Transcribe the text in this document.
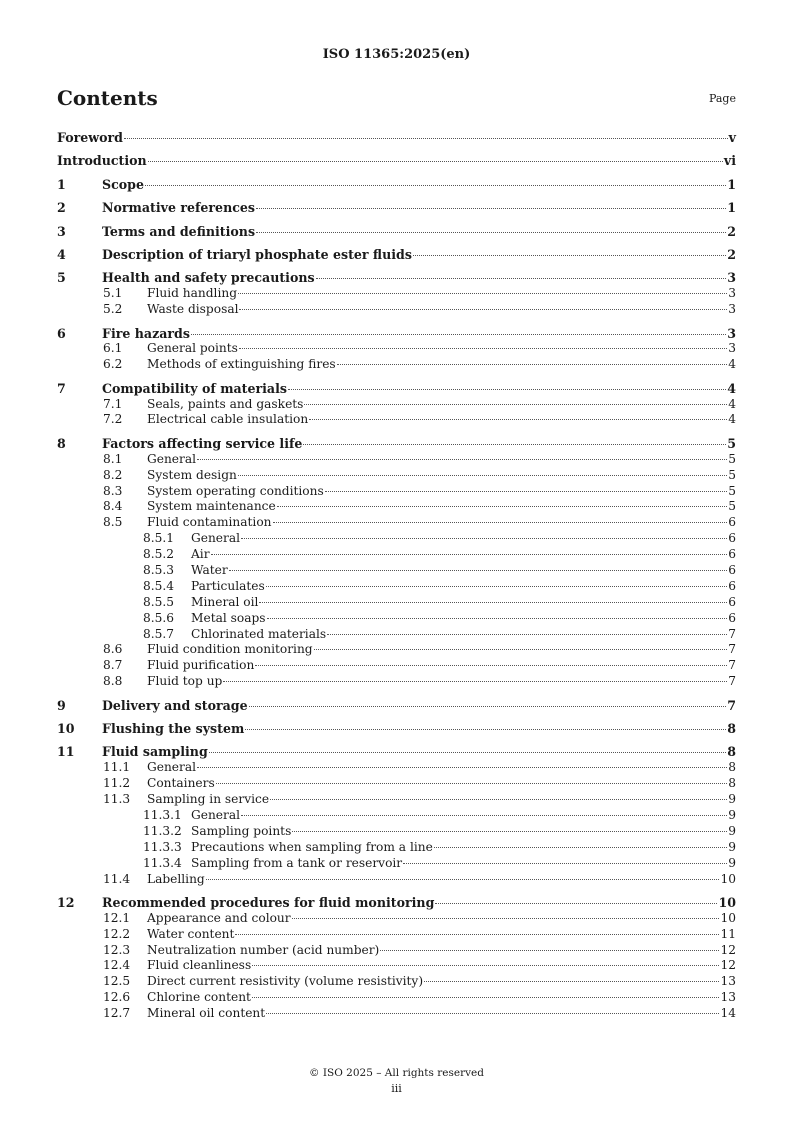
ISO 11365:2025(en)
Contents	Page
Foreword	v
Introduction	vi
1	Scope	1
2	Normative references	1
3	Terms and definitions	2
4	Description of triaryl phosphate ester fluids	2
5	Health and safety precautions	3
5.1	Fluid handling	3
5.2	Waste disposal	3
6	Fire hazards	3
6.1	General points	3
6.2	Methods of extinguishing fires	4
7	Compatibility of materials	4
7.1	Seals, paints and gaskets	4
7.2	Electrical cable insulation	4
8	Factors affecting service life	5
8.1	General	5
8.2	System design	5
8.3	System operating conditions	5
8.4	System maintenance	5
8.5	Fluid contamination	6
8.5.1	General	6
8.5.2	Air	6
8.5.3	Water	6
8.5.4	Particulates	6
8.5.5	Mineral oil	6
8.5.6	Metal soaps	6
8.5.7	Chlorinated materials	7
8.6	Fluid condition monitoring	7
8.7	Fluid purification	7
8.8	Fluid top up	7
9	Delivery and storage	7
10	Flushing the system	8
11	Fluid sampling	8
11.1	General	8
11.2	Containers	8
11.3	Sampling in service	9
11.3.1 General	9
11.3.2 Sampling points	9
11.3.3 Precautions when sampling from a line	9
11.3.4 Sampling from a tank or reservoir	9
11.4	Labelling	10
12	Recommended procedures for fluid monitoring	10
12.1	Appearance and colour	10
12.2	Water content	11
12.3	Neutralization number (acid number)	12
12.4	Fluid cleanliness	12
12.5	Direct current resistivity (volume resistivity)	13
12.6	Chlorine content	13
12.7	Mineral oil content	14
© ISO 2025 – All rights reserved
iii
